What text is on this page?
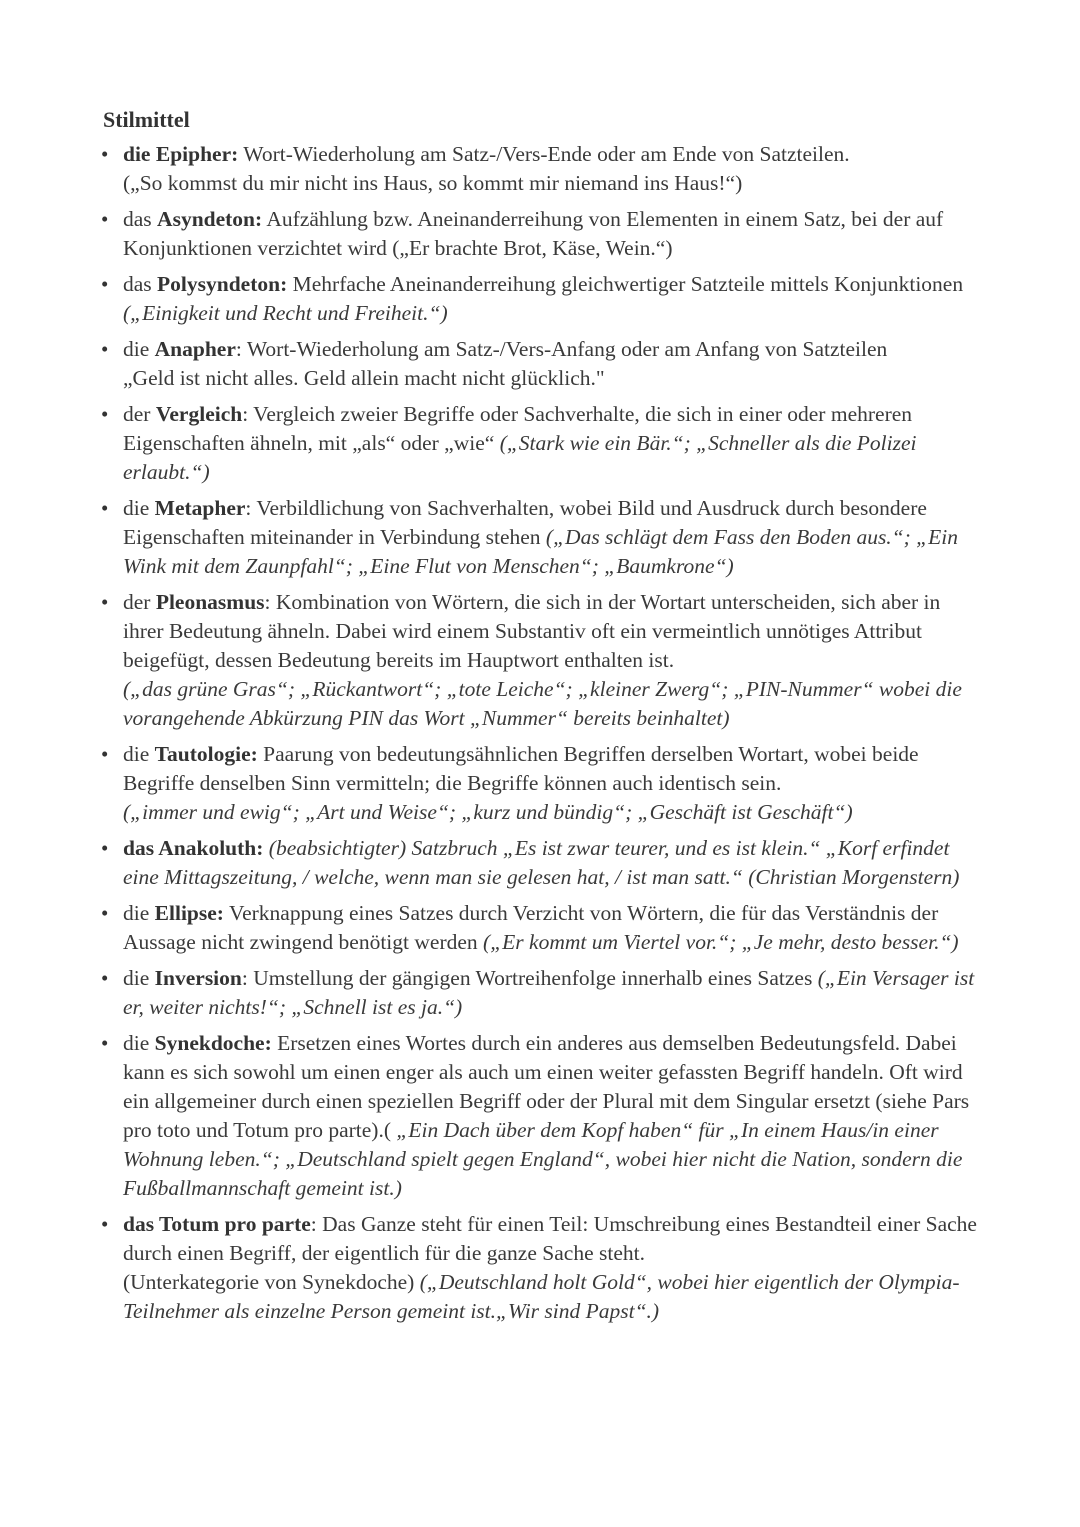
Stilmittel
• die Epipher: Wort-Wiederholung am Satz-/Vers-Ende oder am Ende von Satzteilen.
(„So kommst du mir nicht ins Haus, so kommt mir niemand ins Haus!“)
• das Asyndeton: Aufzählung bzw. Aneinanderreihung von Elementen in einem Satz, bei der auf Konjunktionen verzichtet wird („Er brachte Brot, Käse, Wein.“)
• das Polysyndeton: Mehrfache Aneinanderreihung gleichwertiger Satzteile mittels Konjunktionen („Einigkeit und Recht und Freiheit.“)
• die Anapher: Wort-Wiederholung am Satz-/Vers-Anfang oder am Anfang von Satzteilen
„Geld ist nicht alles. Geld allein macht nicht glücklich."
• der Vergleich: Vergleich zweier Begriffe oder Sachverhalte, die sich in einer oder mehreren Eigenschaften ähneln, mit „als“ oder „wie“ („Stark wie ein Bär.“; „Schneller als die Polizei erlaubt.“)
• die Metapher: Verbildlichung von Sachverhalten, wobei Bild und Ausdruck durch besondere Eigenschaften miteinander in Verbindung stehen („Das schlägt dem Fass den Boden aus.“; „Ein Wink mit dem Zaunpfahl“; „Eine Flut von Menschen“; „Baumkrone“)
• der Pleonasmus: Kombination von Wörtern, die sich in der Wortart unterscheiden, sich aber in ihrer Bedeutung ähneln. Dabei wird einem Substantiv oft ein vermeintlich unnötiges Attribut beigefügt, dessen Bedeutung bereits im Hauptwort enthalten ist.
(„das grüne Gras“; „Rückantwort“; „tote Leiche“; „kleiner Zwerg“; „PIN-Nummer“ wobei die vorangehende Abkürzung PIN das Wort „Nummer“ bereits beinhaltet)
• die Tautologie: Paarung von bedeutungsähnlichen Begriffen derselben Wortart, wobei beide Begriffe denselben Sinn vermitteln; die Begriffe können auch identisch sein.
(„immer und ewig“; „Art und Weise“; „kurz und bündig“; „Geschäft ist Geschäft“)
• das Anakoluth: (beabsichtigter) Satzbruch „Es ist zwar teurer, und es ist klein.“ „Korf erfindet eine Mittagszeitung, / welche, wenn man sie gelesen hat, / ist man satt.“ (Christian Morgenstern)
• die Ellipse: Verknappung eines Satzes durch Verzicht von Wörtern, die für das Verständnis der Aussage nicht zwingend benötigt werden („Er kommt um Viertel vor.“; „Je mehr, desto besser.“)
• die Inversion: Umstellung der gängigen Wortreihenfolge innerhalb eines Satzes („Ein Versager ist er, weiter nichts!“; „Schnell ist es ja.“)
• die Synekdoche: Ersetzen eines Wortes durch ein anderes aus demselben Bedeutungsfeld. Dabei kann es sich sowohl um einen enger als auch um einen weiter gefassten Begriff handeln. Oft wird ein allgemeiner durch einen speziellen Begriff oder der Plural mit dem Singular ersetzt (siehe Pars pro toto und Totum pro parte).( „Ein Dach über dem Kopf haben“ für „In einem Haus/in einer Wohnung leben.“; „Deutschland spielt gegen England“, wobei hier nicht die Nation, sondern die Fußballmannschaft gemeint ist.)
• das Totum pro parte: Das Ganze steht für einen Teil: Umschreibung eines Bestandteil einer Sache durch einen Begriff, der eigentlich für die ganze Sache steht.
(Unterkategorie von Synekdoche) („Deutschland holt Gold“, wobei hier eigentlich der Olympia-Teilnehmer als einzelne Person gemeint ist.„Wir sind Papst“.)
